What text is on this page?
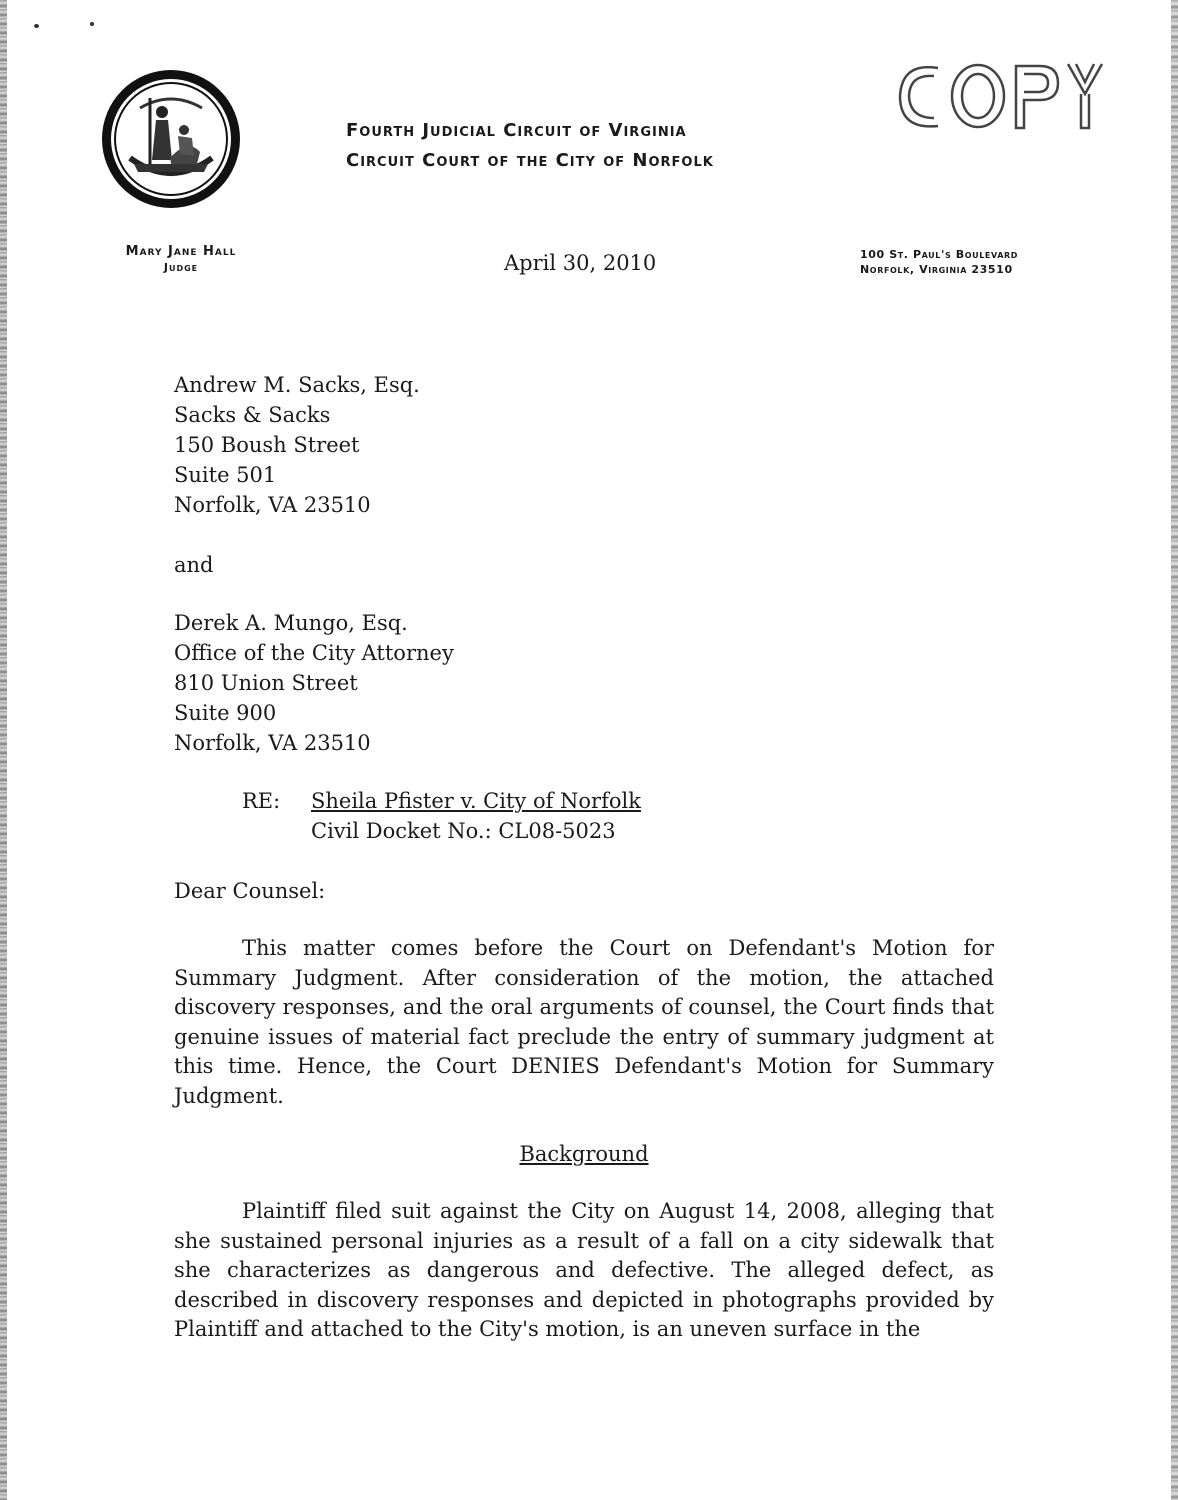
Fourth Judicial Circuit of Virginia
Circuit Court of the City of Norfolk
Mary Jane Hall
Judge	April 30, 2010	100 St. Paul's Boulevard
Norfolk, Virginia 23510
Andrew M. Sacks, Esq.
Sacks & Sacks
150 Boush Street
Suite 501
Norfolk, VA 23510
and
Derek A. Mungo, Esq.
Office of the City Attorney
810 Union Street
Suite 900
Norfolk, VA 23510
RE: Sheila Pfister v. City of Norfolk
Civil Docket No.: CL08-5023
Dear Counsel:
This matter comes before the Court on Defendant's Motion for Summary Judgment. After consideration of the motion, the attached discovery responses, and the oral arguments of counsel, the Court finds that genuine issues of material fact preclude the entry of summary judgment at this time. Hence, the Court DENIES Defendant's Motion for Summary Judgment.
Background
Plaintiff filed suit against the City on August 14, 2008, alleging that she sustained personal injuries as a result of a fall on a city sidewalk that she characterizes as dangerous and defective. The alleged defect, as described in discovery responses and depicted in photographs provided by Plaintiff and attached to the City's motion, is an uneven surface in the
